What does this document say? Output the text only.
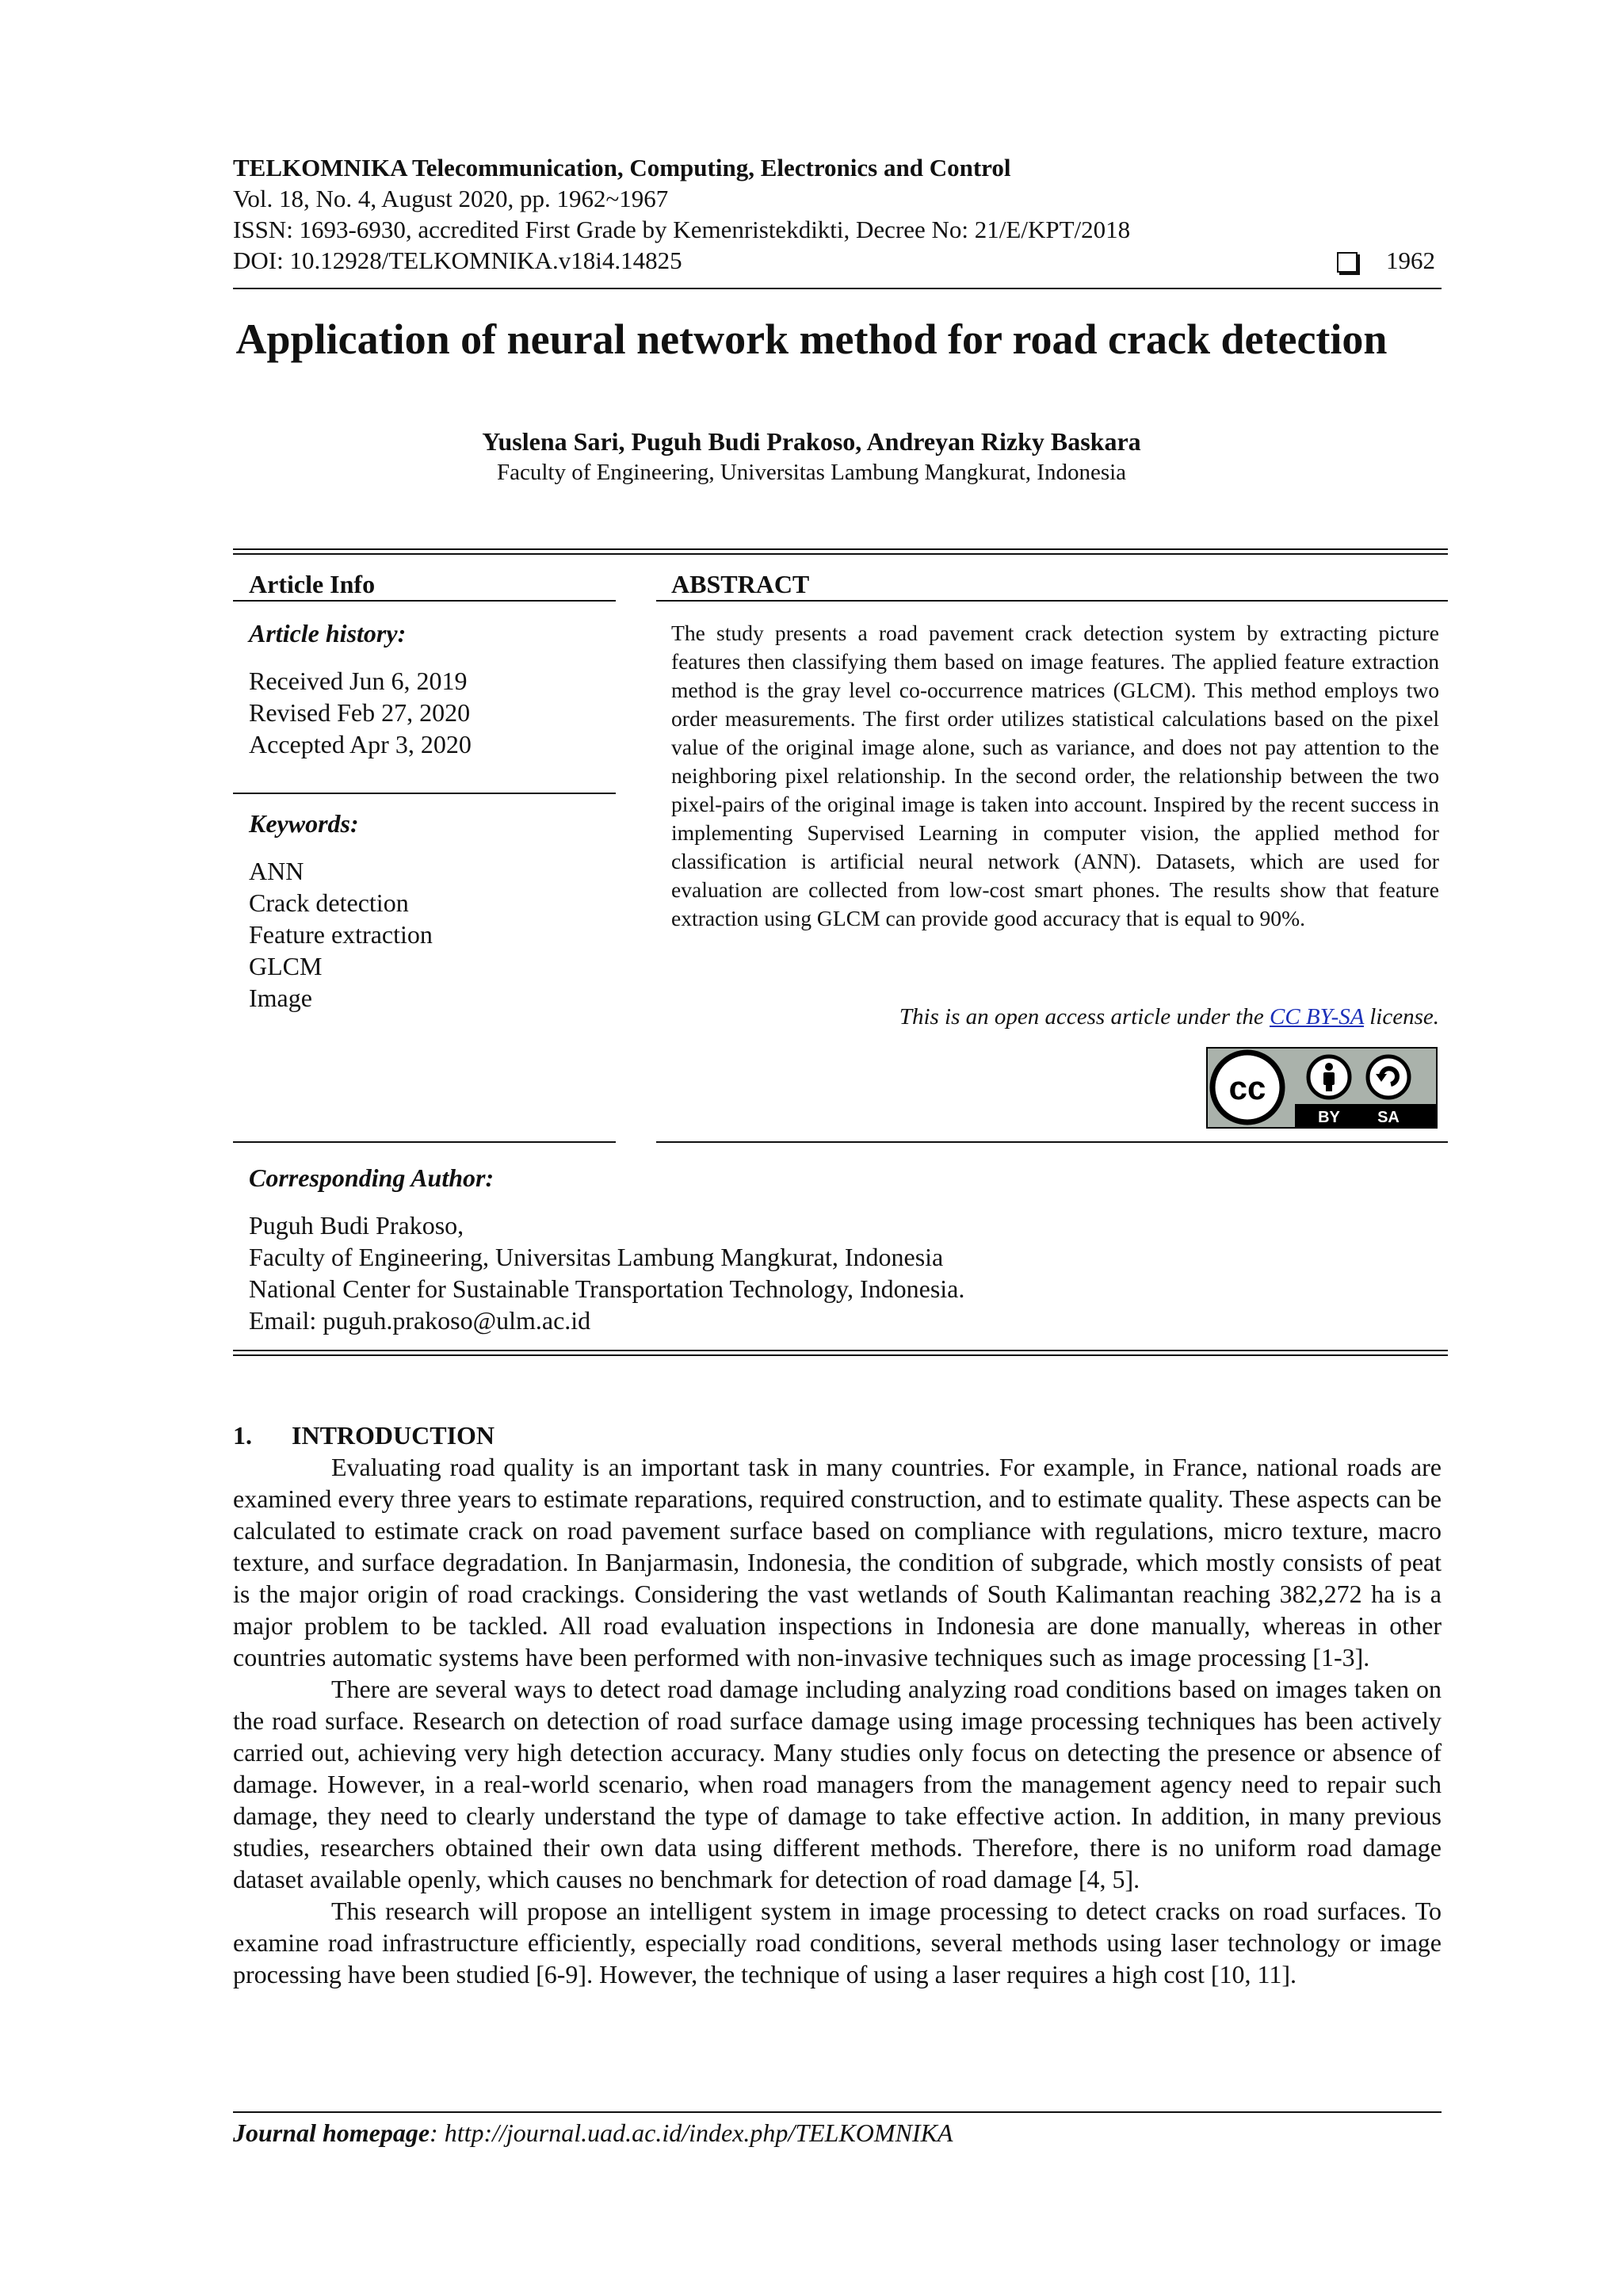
TELKOMNIKA Telecommunication, Computing, Electronics and Control
Vol. 18, No. 4, August 2020, pp. 1962~1967
ISSN: 1693-6930, accredited First Grade by Kemenristekdikti, Decree No: 21/E/KPT/2018
DOI: 10.12928/TELKOMNIKA.v18i4.14825	1962
Application of neural network method for road crack detection
Yuslena Sari, Puguh Budi Prakoso, Andreyan Rizky Baskara
Faculty of Engineering, Universitas Lambung Mangkurat, Indonesia
Article Info
Article history:
Received Jun 6, 2019
Revised Feb 27, 2020
Accepted Apr 3, 2020
Keywords:
ANN
Crack detection
Feature extraction
GLCM
Image
ABSTRACT
The study presents a road pavement crack detection system by extracting picture features then classifying them based on image features. The applied feature extraction method is the gray level co-occurrence matrices (GLCM). This method employs two order measurements. The first order utilizes statistical calculations based on the pixel value of the original image alone, such as variance, and does not pay attention to the neighboring pixel relationship. In the second order, the relationship between the two pixel-pairs of the original image is taken into account. Inspired by the recent success in implementing Supervised Learning in computer vision, the applied method for classification is artificial neural network (ANN). Datasets, which are used for evaluation are collected from low-cost smart phones. The results show that feature extraction using GLCM can provide good accuracy that is equal to 90%.
This is an open access article under the CC BY-SA license.
cc
BY SA
Corresponding Author:
Puguh Budi Prakoso,
Faculty of Engineering, Universitas Lambung Mangkurat, Indonesia
National Center for Sustainable Transportation Technology, Indonesia.
Email: puguh.prakoso@ulm.ac.id
1. INTRODUCTION

Evaluating road quality is an important task in many countries. For example, in France, national roads are examined every three years to estimate reparations, required construction, and to estimate quality. These aspects can be calculated to estimate crack on road pavement surface based on compliance with regulations, micro texture, macro texture, and surface degradation. In Banjarmasin, Indonesia, the condition of subgrade, which mostly consists of peat is the major origin of road crackings. Considering the vast wetlands of South Kalimantan reaching 382,272 ha is a major problem to be tackled. All road evaluation inspections in Indonesia are done manually, whereas in other countries automatic systems have been performed with non-invasive techniques such as image processing [1-3].

There are several ways to detect road damage including analyzing road conditions based on images taken on the road surface. Research on detection of road surface damage using image processing techniques has been actively carried out, achieving very high detection accuracy. Many studies only focus on detecting the presence or absence of damage. However, in a real-world scenario, when road managers from the management agency need to repair such damage, they need to clearly understand the type of damage to take effective action. In addition, in many previous studies, researchers obtained their own data using different methods. Therefore, there is no uniform road damage dataset available openly, which causes no benchmark for detection of road damage [4, 5].

This research will propose an intelligent system in image processing to detect cracks on road surfaces. To examine road infrastructure efficiently, especially road conditions, several methods using laser technology or image processing have been studied [6-9]. However, the technique of using a laser requires a high cost [10, 11].

Journal homepage: http://journal.uad.ac.id/index.php/TELKOMNIKA
